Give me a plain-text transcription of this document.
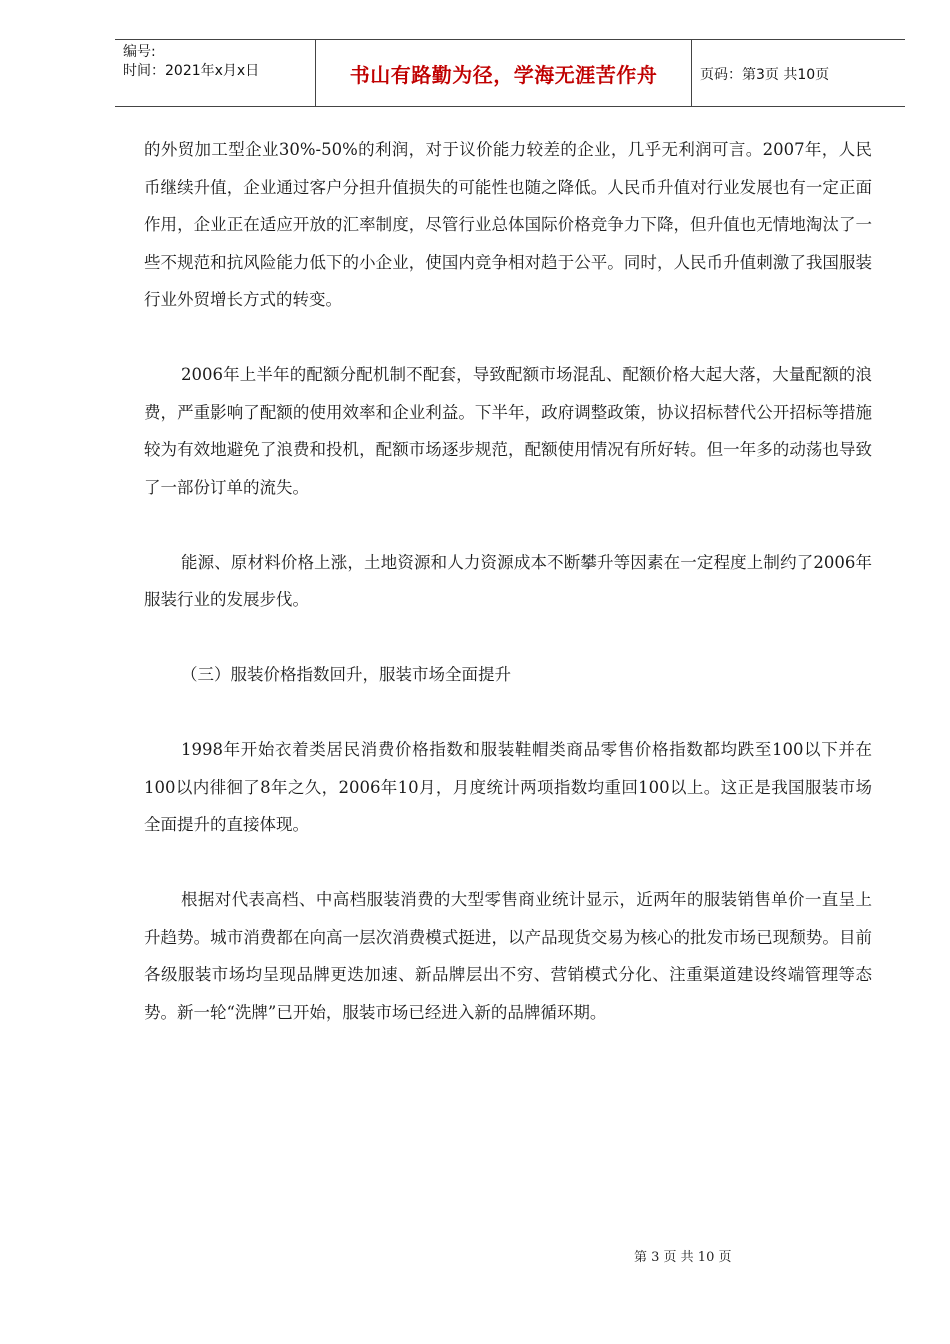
编号:
时间：2021年x月x日	书山有路勤为径，学海无涯苦作舟	页码：第3页 共10页

的外贸加工型企业30%-50%的利润，对于议价能力较差的企业，几乎无利润可言。2007年，人民币继续升值，企业通过客户分担升值损失的可能性也随之降低。人民币升值对行业发展也有一定正面作用，企业正在适应开放的汇率制度，尽管行业总体国际价格竞争力下降，但升值也无情地淘汰了一些不规范和抗风险能力低下的小企业，使国内竞争相对趋于公平。同时，人民币升值刺激了我国服装行业外贸增长方式的转变。

2006年上半年的配额分配机制不配套，导致配额市场混乱、配额价格大起大落，大量配额的浪费，严重影响了配额的使用效率和企业利益。下半年，政府调整政策，协议招标替代公开招标等措施较为有效地避免了浪费和投机，配额市场逐步规范，配额使用情况有所好转。但一年多的动荡也导致了一部份订单的流失。

能源、原材料价格上涨，土地资源和人力资源成本不断攀升等因素在一定程度上制约了2006年服装行业的发展步伐。

（三）服装价格指数回升，服装市场全面提升

1998年开始衣着类居民消费价格指数和服装鞋帽类商品零售价格指数都均跌至100以下并在100以内徘徊了8年之久，2006年10月，月度统计两项指数均重回100以上。这正是我国服装市场全面提升的直接体现。

根据对代表高档、中高档服装消费的大型零售商业统计显示，近两年的服装销售单价一直呈上升趋势。城市消费都在向高一层次消费模式挺进，以产品现货交易为核心的批发市场已现颓势。目前各级服装市场均呈现品牌更迭加速、新品牌层出不穷、营销模式分化、注重渠道建设终端管理等态势。新一轮“洗牌”已开始，服装市场已经进入新的品牌循环期。

第 3 页 共 10 页
